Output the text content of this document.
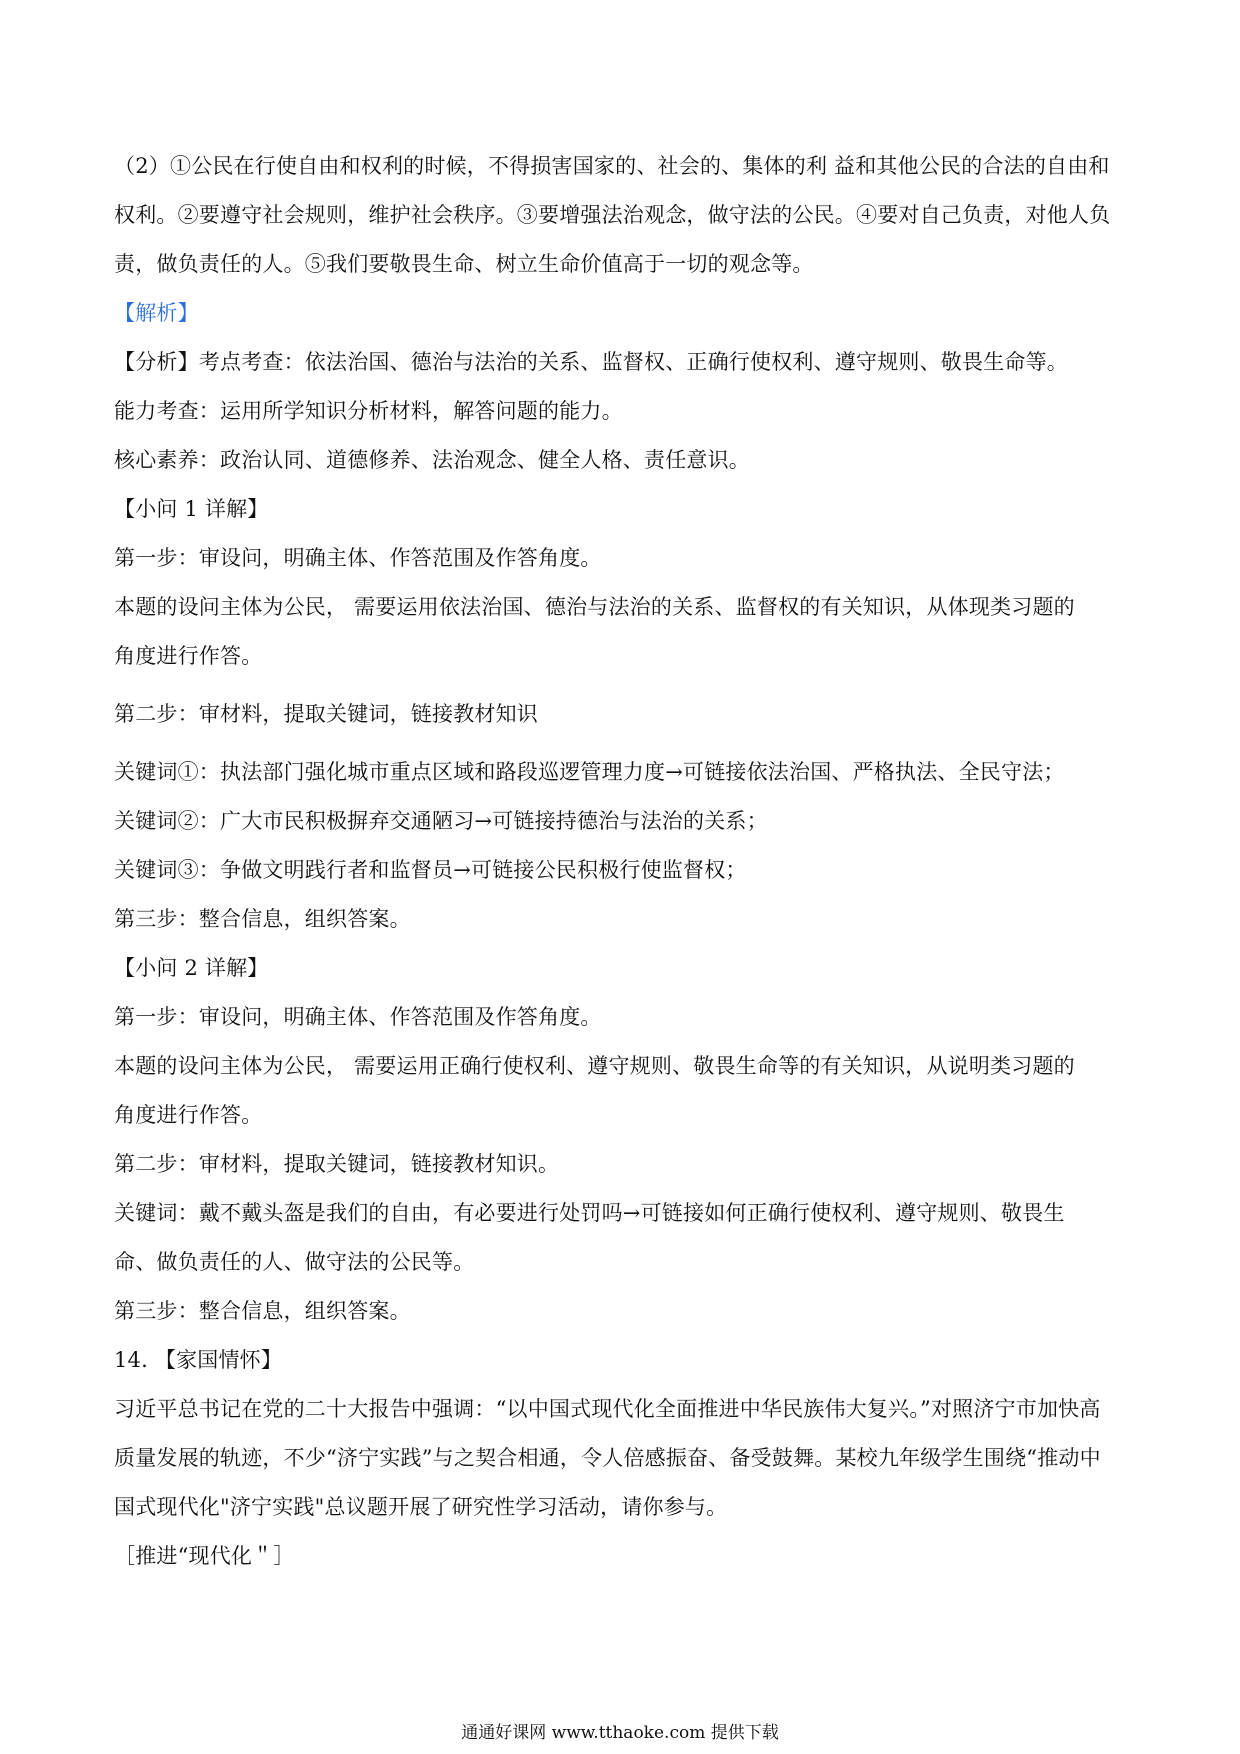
（2）①公民在行使自由和权利的时候，不得损害国家的、社会的、集体的利 益和其他公民的合法的自由和
权利。②要遵守社会规则，维护社会秩序。③要增强法治观念，做守法的公民。④要对自己负责，对他人负
责，做负责任的人。⑤我们要敬畏生命、树立生命价值高于一切的观念等。
【解析】
【分析】考点考查：依法治国、德治与法治的关系、监督权、正确行使权利、遵守规则、敬畏生命等。
能力考查：运用所学知识分析材料，解答问题的能力。
核心素养：政治认同、道德修养、法治观念、健全人格、责任意识。
【小问 1 详解】
第一步：审设问，明确主体、作答范围及作答角度。
本题的设问主体为公民， 需要运用依法治国、德治与法治的关系、监督权的有关知识，从体现类习题的
角度进行作答。
第二步：审材料，提取关键词，链接教材知识
关键词①：执法部门强化城市重点区域和路段巡逻管理力度→可链接依法治国、严格执法、全民守法；
关键词②：广大市民积极摒弃交通陋习→可链接持德治与法治的关系；
关键词③：争做文明践行者和监督员→可链接公民积极行使监督权；
第三步：整合信息，组织答案。
【小问 2 详解】
第一步：审设问，明确主体、作答范围及作答角度。
本题的设问主体为公民， 需要运用正确行使权利、遵守规则、敬畏生命等的有关知识，从说明类习题的
角度进行作答。
第二步：审材料，提取关键词，链接教材知识。
关键词：戴不戴头盔是我们的自由，有必要进行处罚吗→可链接如何正确行使权利、遵守规则、敬畏生
命、做负责任的人、做守法的公民等。
第三步：整合信息，组织答案。
14. 【家国情怀】
习近平总书记在党的二十大报告中强调：“以中国式现代化全面推进中华民族伟大复兴。”对照济宁市加快高
质量发展的轨迹，不少“济宁实践”与之契合相通，令人倍感振奋、备受鼓舞。某校九年级学生围绕“推动中
国式现代化"济宁实践"总议题开展了研究性学习活动，请你参与。
［推进“现代化＂］
通通好课网 www.tthaoke.com 提供下载
